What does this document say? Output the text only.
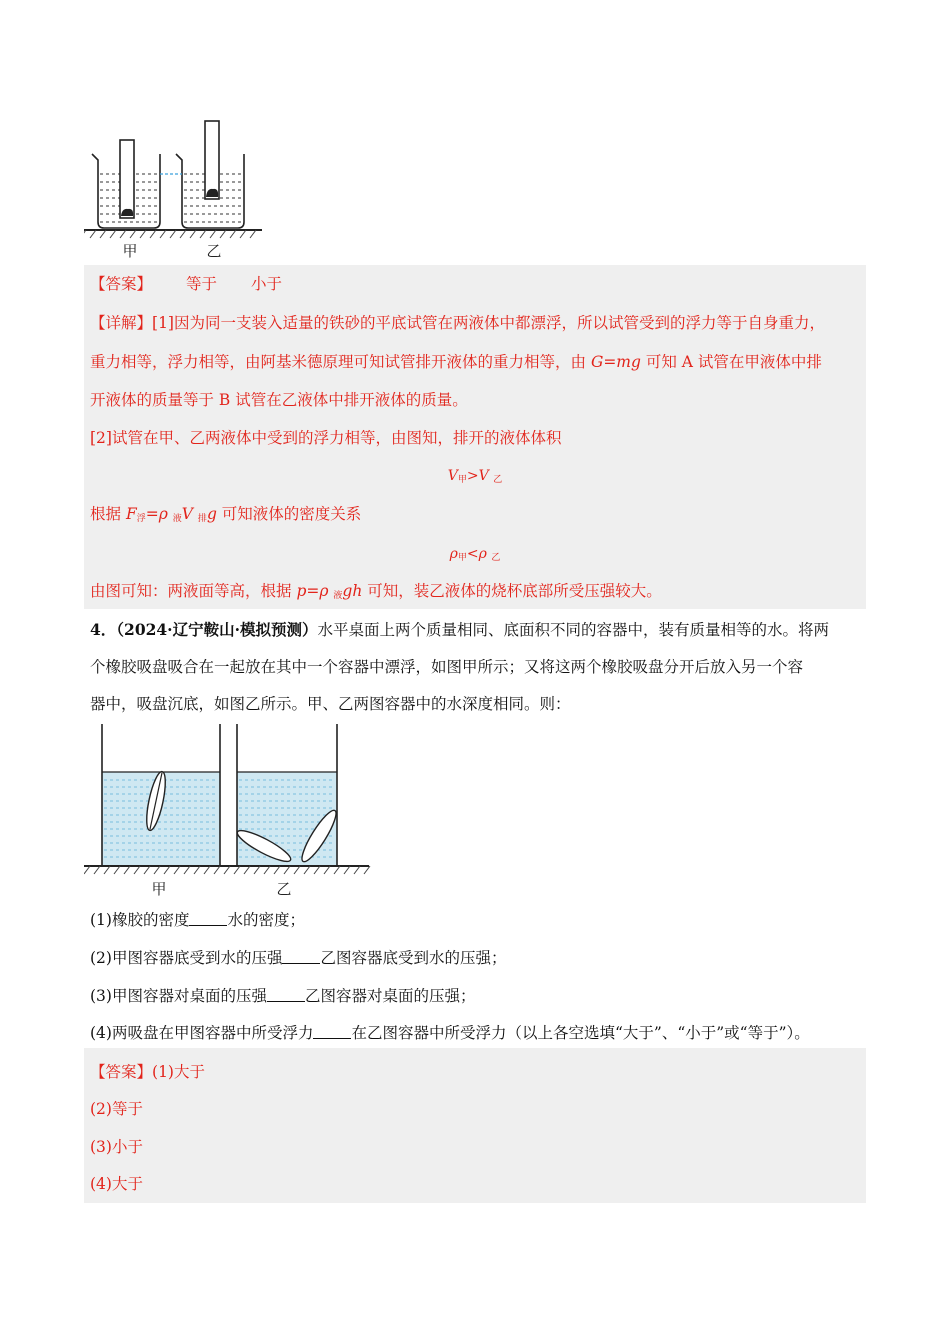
甲	乙
【答案】 等于 小于
【详解】[1]因为同一支装入适量的铁砂的平底试管在两液体中都漂浮，所以试管受到的浮力等于自身重力，
重力相等，浮力相等，由阿基米德原理可知试管排开液体的重力相等，由 G=mg 可知 A 试管在甲液体中排
开液体的质量等于 B 试管在乙液体中排开液体的质量。
[2]试管在甲、乙两液体中受到的浮力相等，由图知，排开的液体体积
$V_甲>V$ $_乙$
根据 $F_浮=\rho$ $_液$V $_排$g 可知液体的密度关系
$\rho_甲<\rho$ $_乙$
由图可知：两液面等高，根据 p=ρ $_液$gh 可知，装乙液体的烧杯底部所受压强较大。
4．（2024·辽宁鞍山·模拟预测）水平桌面上两个质量相同、底面积不同的容器中，装有质量相等的水。将两
个橡胶吸盘吸合在一起放在其中一个容器中漂浮，如图甲所示；又将这两个橡胶吸盘分开后放入另一个容
器中，吸盘沉底，如图乙所示。甲、乙两图容器中的水深度相同。则：
甲	乙
(1)橡胶的密度 水的密度；
(2)甲图容器底受到水的压强 乙图容器底受到水的压强；
(3)甲图容器对桌面的压强 乙图容器对桌面的压强；
(4)两吸盘在甲图容器中所受浮力 在乙图容器中所受浮力（以上各空选填“大于”、“小于”或“等于”）。
【答案】(1)大于
(2)等于
(3)小于
(4)大于
